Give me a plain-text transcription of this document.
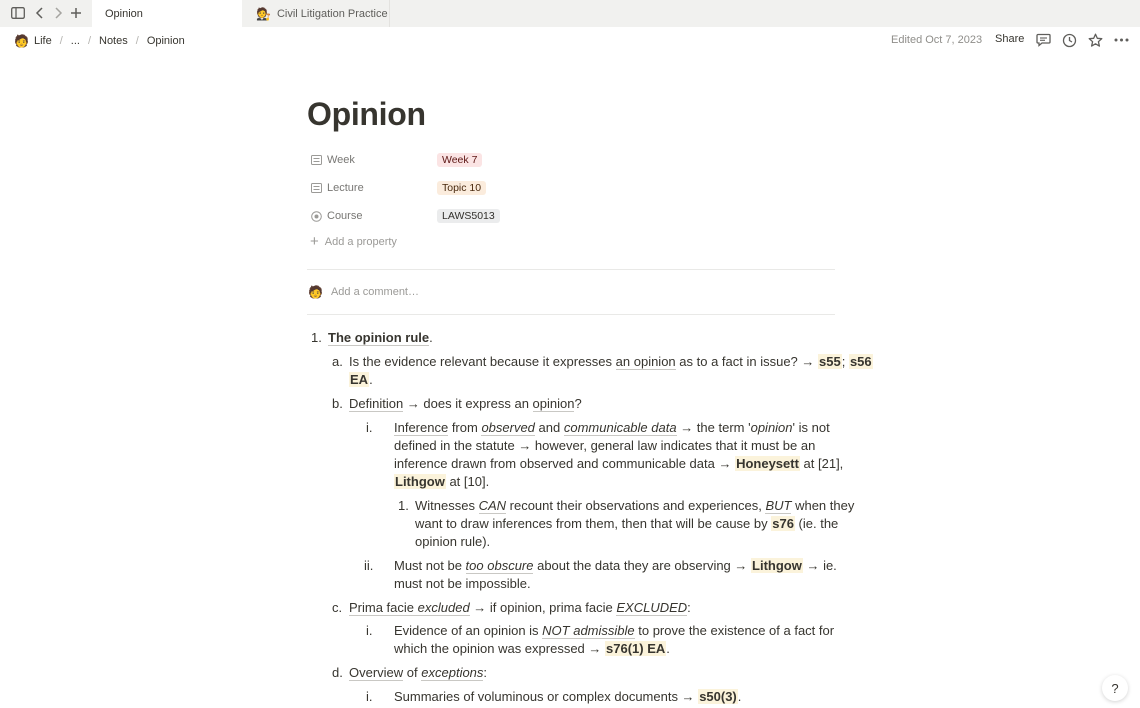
Opinion	🧑‍⚖️ Civil Litigation Practice
🧑 Life / ... / Notes / Opinion	Edited Oct 7, 2023 Share
Opinion
Week	Week 7
Lecture	Topic 10
Course	LAWS5013
+ Add a property
🧑 Add a comment…
1. The opinion rule.
a. Is the evidence relevant because it expresses an opinion as to a fact in issue? → s55; s56
EA.
b. Definition → does it express an opinion?
i. Inference from observed and communicable data → the term 'opinion' is not
defined in the statute → however, general law indicates that it must be an
inference drawn from observed and communicable data → Honeysett at [21],
Lithgow at [10].
1. Witnesses CAN recount their observations and experiences, BUT when they
want to draw inferences from them, then that will be cause by s76 (ie. the
opinion rule).
ii. Must not be too obscure about the data they are observing → Lithgow → ie.
must not be impossible.
c. Prima facie excluded → if opinion, prima facie EXCLUDED:
i. Evidence of an opinion is NOT admissible to prove the existence of a fact for
which the opinion was expressed → s76(1) EA.
d. Overview of exceptions:
i. Summaries of voluminous or complex documents → s50(3).
?
